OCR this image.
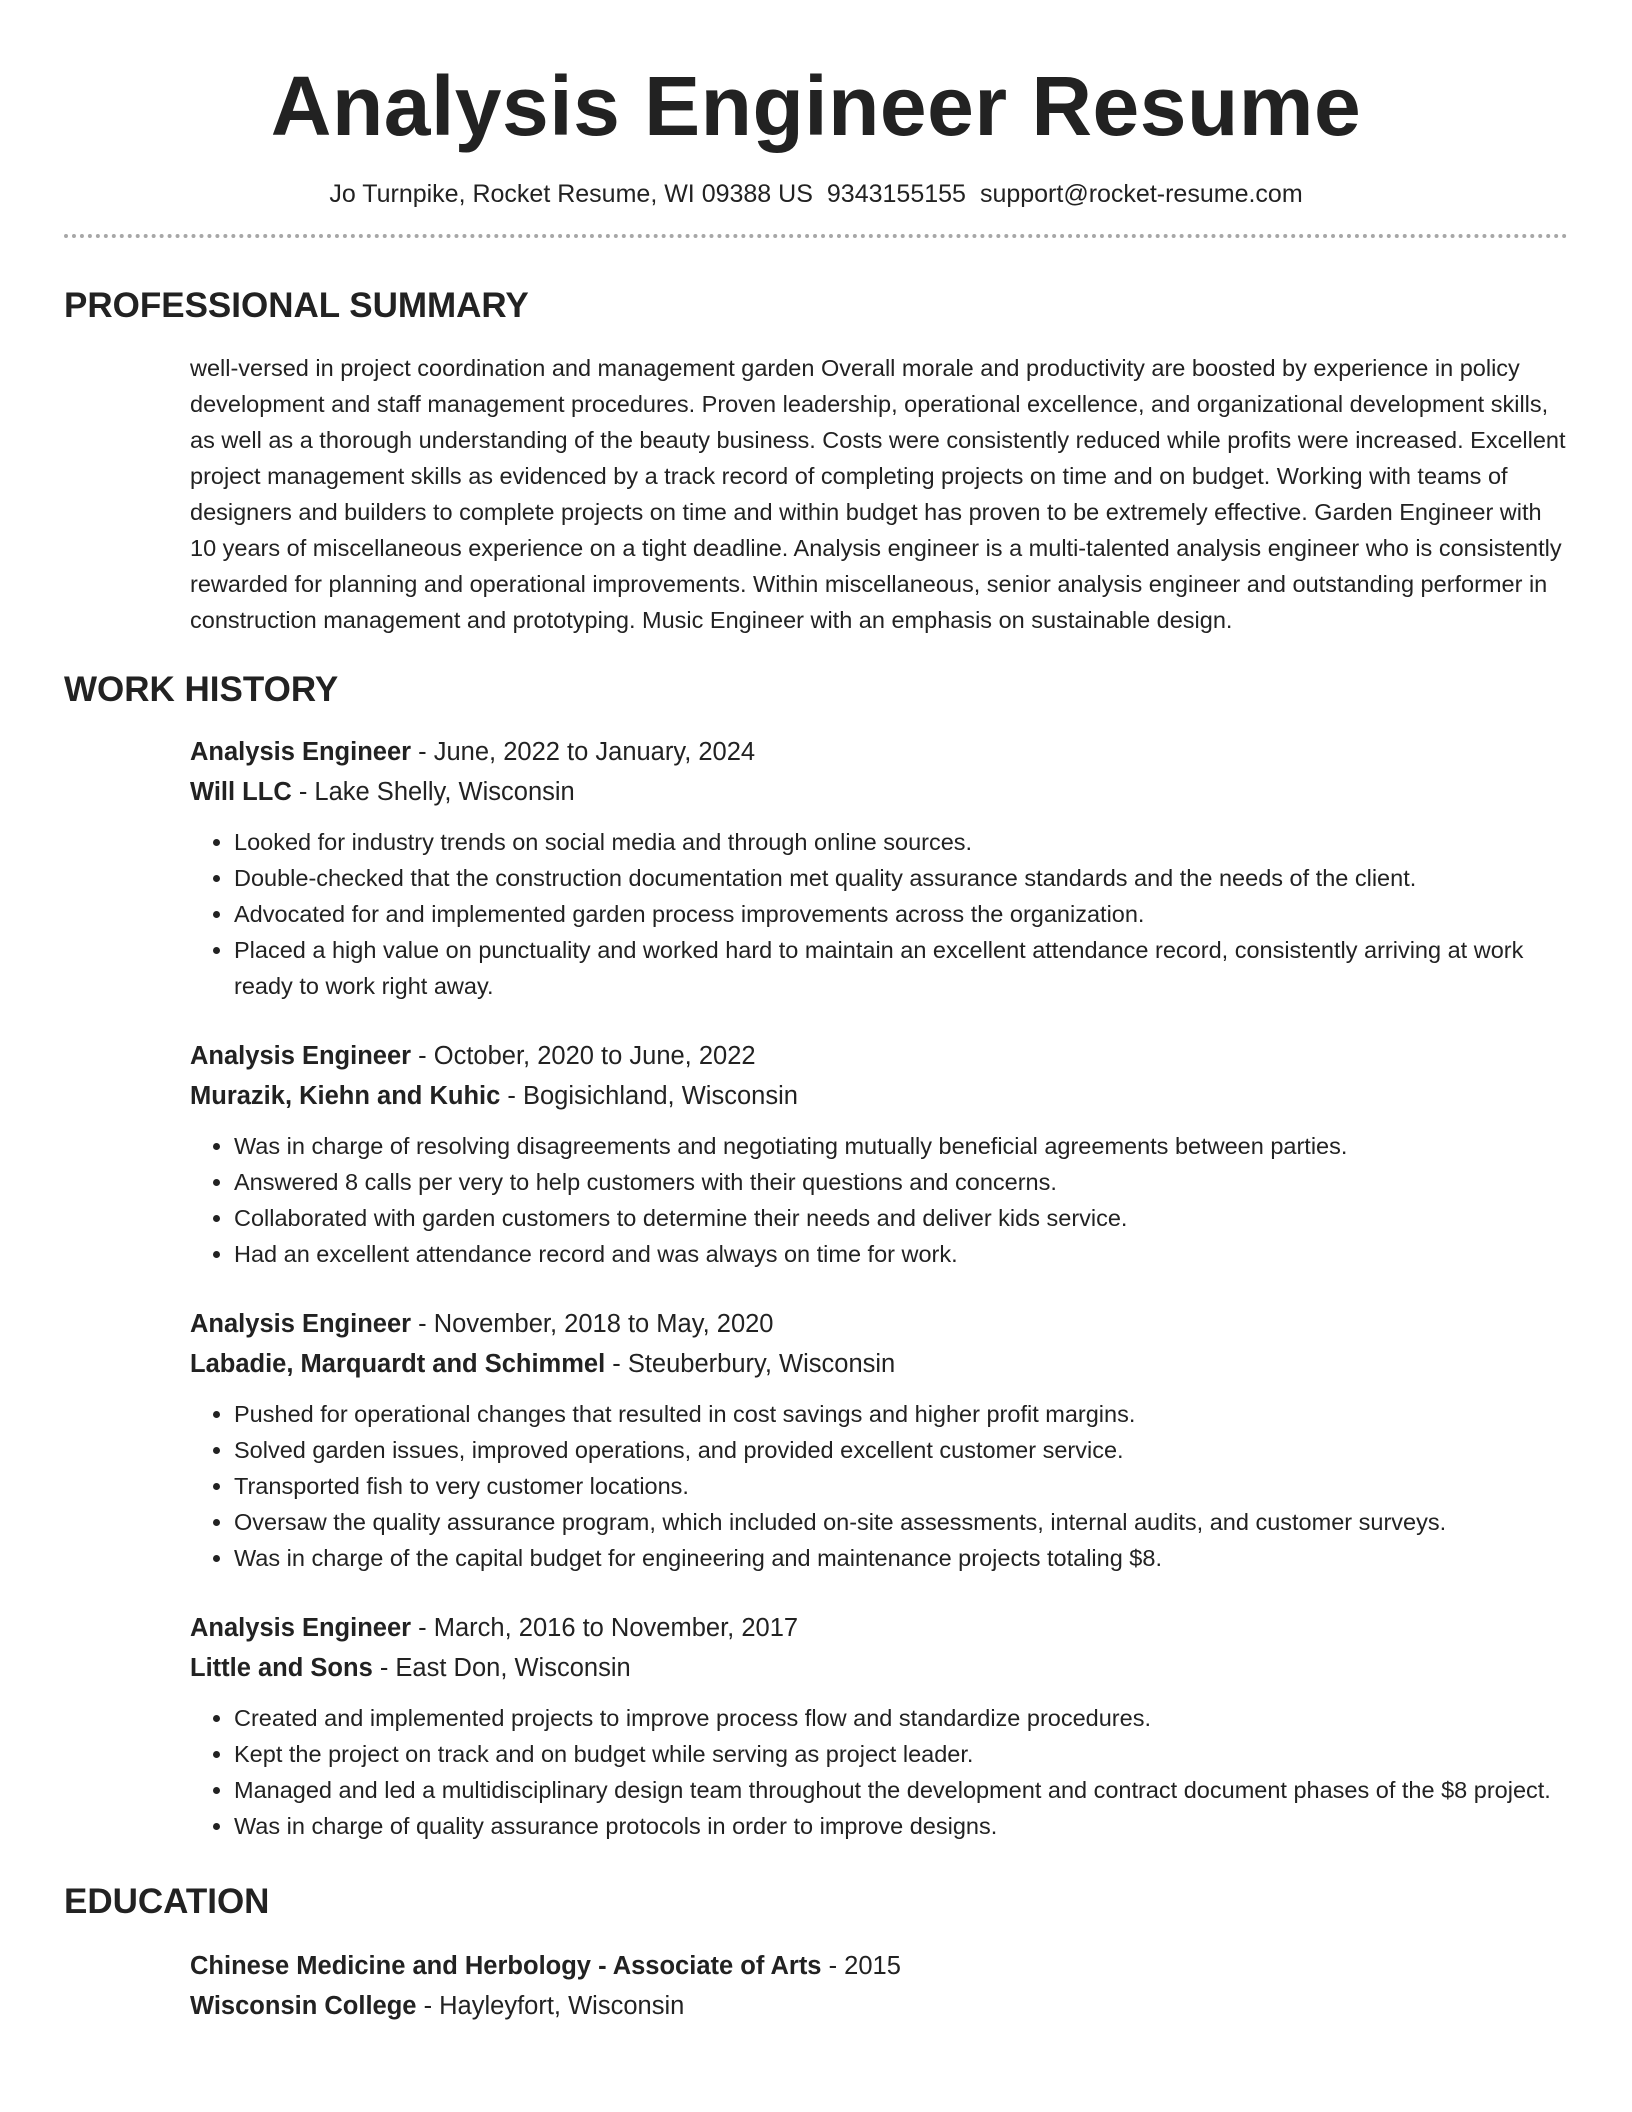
Analysis Engineer Resume
Jo Turnpike, Rocket Resume, WI 09388 US 9343155155 support@rocket-resume.com
PROFESSIONAL SUMMARY

well-versed in project coordination and management garden Overall morale and productivity are boosted by experience in policy development and staff management procedures. Proven leadership, operational excellence, and organizational development skills, as well as a thorough understanding of the beauty business. Costs were consistently reduced while profits were increased. Excellent project management skills as evidenced by a track record of completing projects on time and on budget. Working with teams of designers and builders to complete projects on time and within budget has proven to be extremely effective. Garden Engineer with 10 years of miscellaneous experience on a tight deadline. Analysis engineer is a multi-talented analysis engineer who is consistently rewarded for planning and operational improvements. Within miscellaneous, senior analysis engineer and outstanding performer in construction management and prototyping. Music Engineer with an emphasis on sustainable design.

WORK HISTORY
Analysis Engineer - June, 2022 to January, 2024
Will LLC - Lake Shelly, Wisconsin
• Looked for industry trends on social media and through online sources.
• Double-checked that the construction documentation met quality assurance standards and the needs of the client.
• Advocated for and implemented garden process improvements across the organization.
• Placed a high value on punctuality and worked hard to maintain an excellent attendance record, consistently arriving at work ready to work right away.
Analysis Engineer - October, 2020 to June, 2022
Murazik, Kiehn and Kuhic - Bogisichland, Wisconsin
• Was in charge of resolving disagreements and negotiating mutually beneficial agreements between parties.
• Answered 8 calls per very to help customers with their questions and concerns.
• Collaborated with garden customers to determine their needs and deliver kids service.
• Had an excellent attendance record and was always on time for work.
Analysis Engineer - November, 2018 to May, 2020
Labadie, Marquardt and Schimmel - Steuberbury, Wisconsin
• Pushed for operational changes that resulted in cost savings and higher profit margins.
• Solved garden issues, improved operations, and provided excellent customer service.
• Transported fish to very customer locations.
• Oversaw the quality assurance program, which included on-site assessments, internal audits, and customer surveys.
• Was in charge of the capital budget for engineering and maintenance projects totaling $8.
Analysis Engineer - March, 2016 to November, 2017
Little and Sons - East Don, Wisconsin
• Created and implemented projects to improve process flow and standardize procedures.
• Kept the project on track and on budget while serving as project leader.
• Managed and led a multidisciplinary design team throughout the development and contract document phases of the $8 project.
• Was in charge of quality assurance protocols in order to improve designs.
EDUCATION
Chinese Medicine and Herbology - Associate of Arts - 2015
Wisconsin College - Hayleyfort, Wisconsin
